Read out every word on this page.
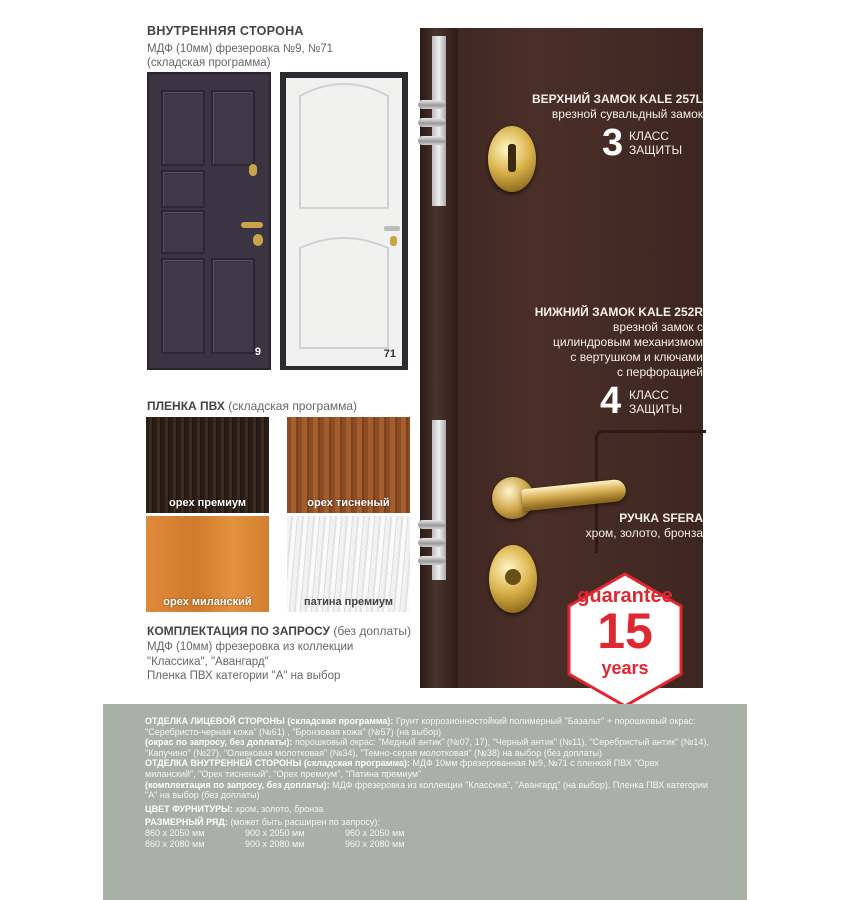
ВНУТРЕННЯЯ СТОРОНА
МДФ (10мм) фрезеровка №9, №71
(складская программа)
9	71
ПЛЕНКА ПВХ (складская программа)
орех премиум	орех тисненый
орех миланский	патина премиум
КОМПЛЕКТАЦИЯ ПО ЗАПРОСУ (без доплаты)
МДФ (10мм) фрезеровка из коллекции
"Классика", "Авангард"
Пленка ПВХ категории "А" на выбор
ВЕРХНИЙ ЗАМОК KALE 257L
врезной сувальдный замок
3 КЛАСС
ЗАЩИТЫ
НИЖНИЙ ЗАМОК KALE 252R
врезной замок с
цилиндровым механизмом
с вертушком и ключами
с перфорацией
4 КЛАСС
ЗАЩИТЫ
РУЧКА SFERA
хром, золото, бронза
guarantee
15
years
ОТДЕЛКА ЛИЦЕВОЙ СТОРОНЫ (складская программа): Грунт коррозионностойкий полимерный "Базальт" + порошковый окрас: "Серебристо-черная кожа" (№61) , "Бронзовая кожа" (№57) (на выбор)
(окрас по запросу, без доплаты): порошковый окрас: "Медный антик" (№07, 17), "Черный антик" (№11), "Серебристый антик" (№14), "Капучино" (№27), "Оливковая молотковая" (№34), "Темно-серая молотковая" (№38) на выбор (без доплаты)
ОТДЕЛКА ВНУТРЕННЕЙ СТОРОНЫ (складская программа): МДФ 10мм фрезерованная №9, №71 с пленкой ПВХ "Орех миланский", "Орех тисненый", "Орех премиум", "Патина премиум"
(комплектация по запросу, без доплаты): МДФ фрезеровка из коллекции "Классика", "Авангард" (на выбор). Пленка ПВХ категории "А" на выбор (без доплаты)
ЦВЕТ ФУРНИТУРЫ: хром, золото, бронза
РАЗМЕРНЫЙ РЯД: (может быть расширен по запросу):
860 х 2050 мм	900 х 2050 мм	960 х 2050 мм
860 х 2080 мм	900 х 2080 мм	960 х 2080 мм
